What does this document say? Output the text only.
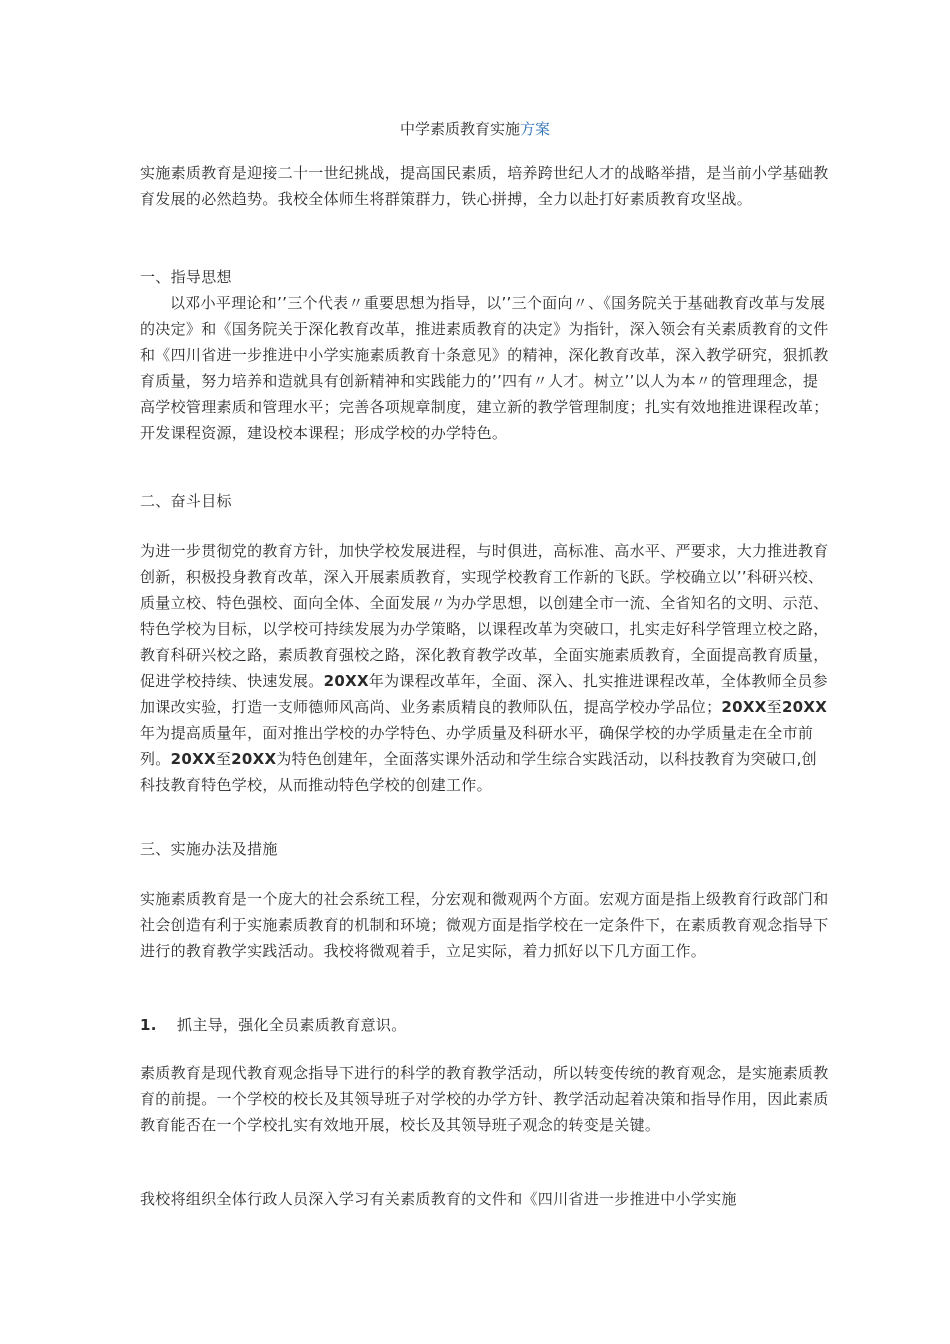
中学素质教育实施方案

实施素质教育是迎接二十一世纪挑战，提高国民素质，培养跨世纪人才的战略举措，是当前小学基础教育发展的必然趋势。我校全体师生将群策群力，铁心拼搏，全力以赴打好素质教育攻坚战。

一、指导思想

以邓小平理论和’’三个代表〃重要思想为指导，以’’三个面向〃、《国务院关于基础教育改革与发展的决定》和《国务院关于深化教育改革，推进素质教育的决定》为指针，深入领会有关素质教育的文件和《四川省进一步推进中小学实施素质教育十条意见》的精神，深化教育改革，深入教学研究，狠抓教育质量，努力培养和造就具有创新精神和实践能力的’’四有〃人才。树立’’以人为本〃的管理理念，提高学校管理素质和管理水平；完善各项规章制度，建立新的教学管理制度；扎实有效地推进课程改革；开发课程资源，建设校本课程；形成学校的办学特色。

二、奋斗目标

为进一步贯彻党的教育方针，加快学校发展进程，与时俱进，高标准、高水平、严要求，大力推进教育创新，积极投身教育改革，深入开展素质教育，实现学校教育工作新的飞跃。学校确立以’’科研兴校、质量立校、特色强校、面向全体、全面发展〃为办学思想，以创建全市一流、全省知名的文明、示范、特色学校为目标，以学校可持续发展为办学策略，以课程改革为突破口，扎实走好科学管理立校之路，教育科研兴校之路，素质教育强校之路，深化教育教学改革，全面实施素质教育，全面提高教育质量，促进学校持续、快速发展。20XX年为课程改革年，全面、深入、扎实推进课程改革，全体教师全员参加课改实验，打造一支师德师风高尚、业务素质精良的教师队伍，提高学校办学品位；20XX至20XX年为提高质量年，面对推出学校的办学特色、办学质量及科研水平，确保学校的办学质量走在全市前列。20XX至20XX为特色创建年，全面落实课外活动和学生综合实践活动，以科技教育为突破口,创科技教育特色学校，从而推动特色学校的创建工作。

三、实施办法及措施

实施素质教育是一个庞大的社会系统工程，分宏观和微观两个方面。宏观方面是指上级教育行政部门和社会创造有利于实施素质教育的机制和环境；微观方面是指学校在一定条件下，在素质教育观念指导下进行的教育教学实践活动。我校将微观着手，立足实际，着力抓好以下几方面工作。

1. 抓主导，强化全员素质教育意识。

素质教育是现代教育观念指导下进行的科学的教育教学活动，所以转变传统的教育观念，是实施素质教育的前提。一个学校的校长及其领导班子对学校的办学方针、教学活动起着决策和指导作用，因此素质教育能否在一个学校扎实有效地开展，校长及其领导班子观念的转变是关键。

我校将组织全体行政人员深入学习有关素质教育的文件和《四川省进一步推进中小学实施
